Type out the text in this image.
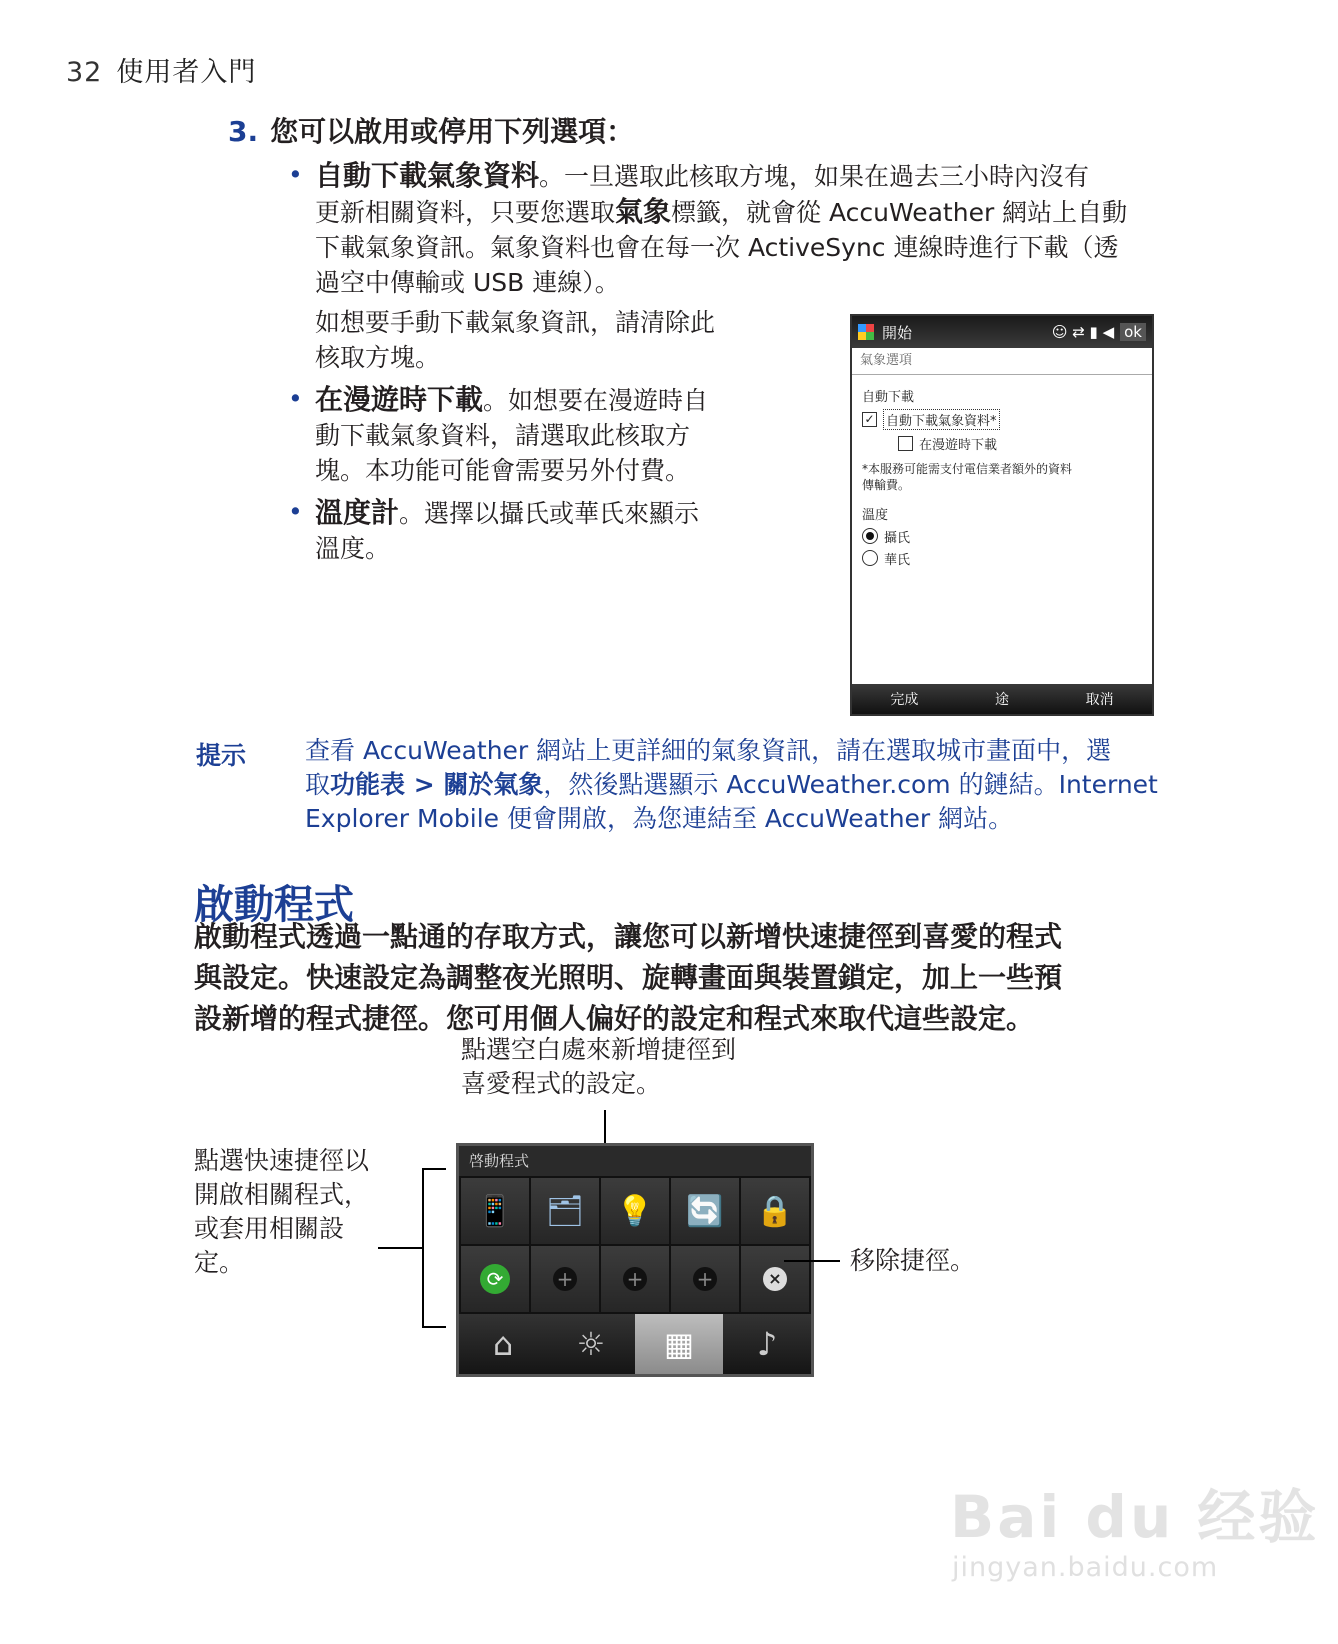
32 使用者入門
3. 您可以啟用或停用下列選項：
• 自動下載氣象資料。一旦選取此核取方塊，如果在過去三小時內沒有
更新相關資料，只要您選取氣象標籤，就會從 AccuWeather 網站上自動
下載氣象資訊。氣象資料也會在每一次 ActiveSync 連線時進行下載（透
過空中傳輸或 USB 連線）。
如想要手動下載氣象資訊，請清除此
核取方塊。
• 在漫遊時下載。如想要在漫遊時自
動下載氣象資料，請選取此核取方
塊。本功能可能會需要另外付費。
• 溫度計。選擇以攝氏或華氏來顯示
溫度。
開始	☺ ⇄ ▮ ◀ ok
氣象選項
自動下載
✓ 自動下載氣象資料*
在漫遊時下載
*本服務可能需支付電信業者額外的資料
傳輸費。
溫度
攝氏
華氏
完成	途	取消
提示 查看 AccuWeather 網站上更詳細的氣象資訊，請在選取城市畫面中，選
取功能表 > 關於氣象，然後點選顯示 AccuWeather.com 的鏈結。Internet
Explorer Mobile 便會開啟，為您連結至 AccuWeather 網站。
啟動程式
啟動程式透過一點通的存取方式，讓您可以新增快速捷徑到喜愛的程式
與設定。快速設定為調整夜光照明、旋轉畫面與裝置鎖定，加上一些預
設新增的程式捷徑。您可用個人偏好的設定和程式來取代這些設定。
點選空白處來新增捷徑到
喜愛程式的設定。
點選快速捷徑以
開啟相關程式，
或套用相關設
定。
啓動程式
📱	🗂	💡	🔄	🔒
⟳	+	+	+	×
⌂	☼	▦	♪
移除捷徑。
Bai du 经验
jingyan.baidu.com
